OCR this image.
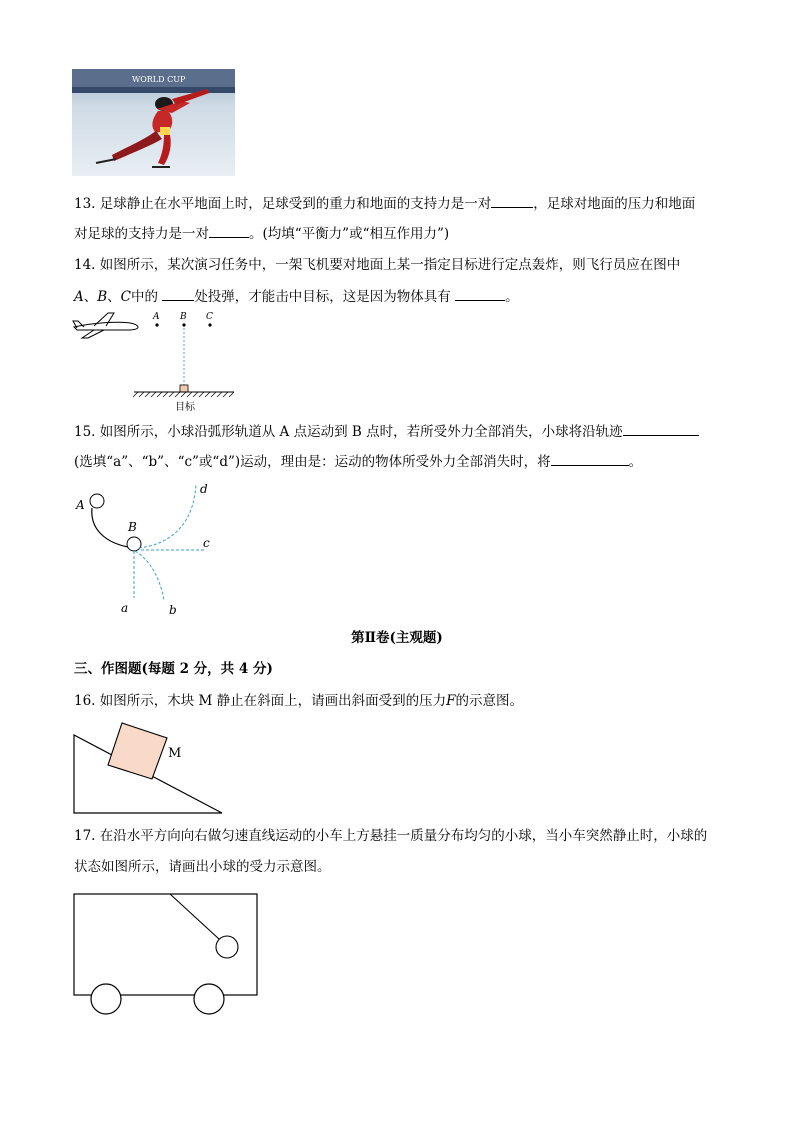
WORLD CUP
13. 足球静止在水平地面上时，足球受到的重力和地面的支持力是一对	，足球对地面的压力和地面
对足球的支持力是一对	。(均填“平衡力”或“相互作用力”)
14. 如图所示，某次演习任务中，一架飞机要对地面上某一指定目标进行定点轰炸，则飞行员应在图中
A、B、C中的	处投弹，才能击中目标，这是因为物体具有	。
A B C
目标
15. 如图所示，小球沿弧形轨道从 A 点运动到 B 点时，若所受外力全部消失，小球将沿轨迹
(选填“a”、“b”、“c”或“d”)运动，理由是：运动的物体所受外力全部消失时，将	。
A
B
a	b
c
d
第Ⅱ卷(主观题)
三、作图题(每题 2 分，共 4 分)
16. 如图所示，木块 M 静止在斜面上，请画出斜面受到的压力F的示意图。
M
17. 在沿水平方向向右做匀速直线运动的小车上方悬挂一质量分布均匀的小球，当小车突然静止时，小球的
状态如图所示，请画出小球的受力示意图。
